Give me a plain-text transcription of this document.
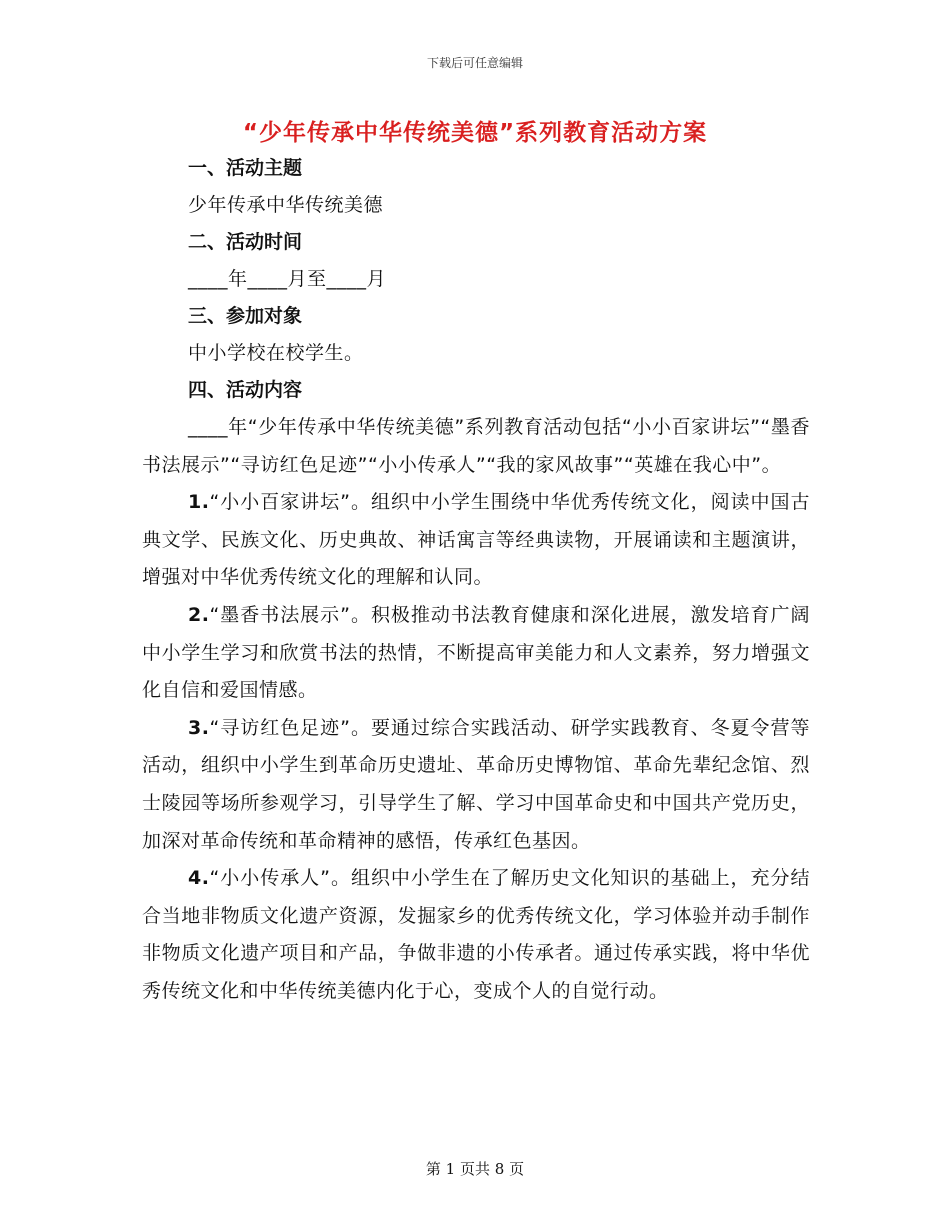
下载后可任意编辑
“少年传承中华传统美德”系列教育活动方案

一、活动主题

少年传承中华传统美德

二、活动时间

____年____月至____月

三、参加对象

中小学校在校学生。

四、活动内容

____年“少年传承中华传统美德”系列教育活动包括“小小百家讲坛”“墨香书法展示”“寻访红色足迹”“小小传承人”“我的家风故事”“英雄在我心中”。

1.“小小百家讲坛”。组织中小学生围绕中华优秀传统文化，阅读中国古典文学、民族文化、历史典故、神话寓言等经典读物，开展诵读和主题演讲，增强对中华优秀传统文化的理解和认同。

2.“墨香书法展示”。积极推动书法教育健康和深化进展，激发培育广阔中小学生学习和欣赏书法的热情，不断提高审美能力和人文素养，努力增强文化自信和爱国情感。

3.“寻访红色足迹”。要通过综合实践活动、研学实践教育、冬夏令营等活动，组织中小学生到革命历史遗址、革命历史博物馆、革命先辈纪念馆、烈士陵园等场所参观学习，引导学生了解、学习中国革命史和中国共产党历史，加深对革命传统和革命精神的感悟，传承红色基因。

4.“小小传承人”。组织中小学生在了解历史文化知识的基础上，充分结合当地非物质文化遗产资源，发掘家乡的优秀传统文化，学习体验并动手制作非物质文化遗产项目和产品，争做非遗的小传承者。通过传承实践，将中华优秀传统文化和中华传统美德内化于心，变成个人的自觉行动。

第 1 页共 8 页
